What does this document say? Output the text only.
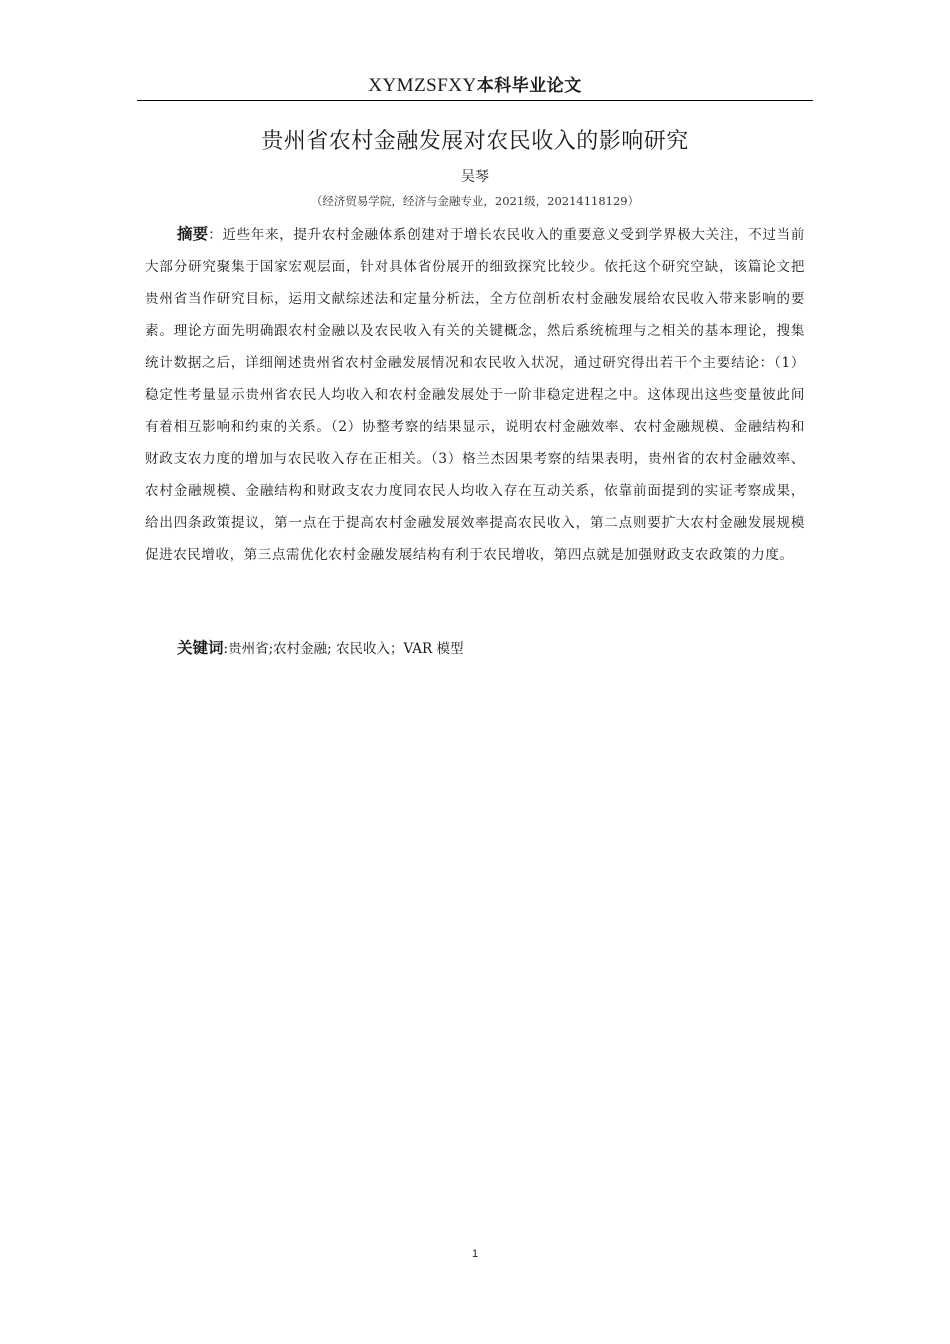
XYMZSFXY本科毕业论文
贵州省农村金融发展对农民收入的影响研究
吴琴
（经济贸易学院，经济与金融专业，2021级，20214118129）

摘要：近些年来，提升农村金融体系创建对于增长农民收入的重要意义受到学界极大关注，不过当前大部分研究聚集于国家宏观层面，针对具体省份展开的细致探究比较少。依托这个研究空缺，该篇论文把贵州省当作研究目标，运用文献综述法和定量分析法，全方位剖析农村金融发展给农民收入带来影响的要素。理论方面先明确跟农村金融以及农民收入有关的关键概念，然后系统梳理与之相关的基本理论，搜集统计数据之后，详细阐述贵州省农村金融发展情况和农民收入状况，通过研究得出若干个主要结论：（1）稳定性考量显示贵州省农民人均收入和农村金融发展处于一阶非稳定进程之中。这体现出这些变量彼此间有着相互影响和约束的关系。（2）协整考察的结果显示，说明农村金融效率、农村金融规模、金融结构和财政支农力度的增加与农民收入存在正相关。（3）格兰杰因果考察的结果表明，贵州省的农村金融效率、农村金融规模、金融结构和财政支农力度同农民人均收入存在互动关系，依靠前面提到的实证考察成果，给出四条政策提议，第一点在于提高农村金融发展效率提高农民收入，第二点则要扩大农村金融发展规模促进农民增收，第三点需优化农村金融发展结构有利于农民增收，第四点就是加强财政支农政策的力度。

关键词:贵州省;农村金融; 农民收入；VAR 模型
1
